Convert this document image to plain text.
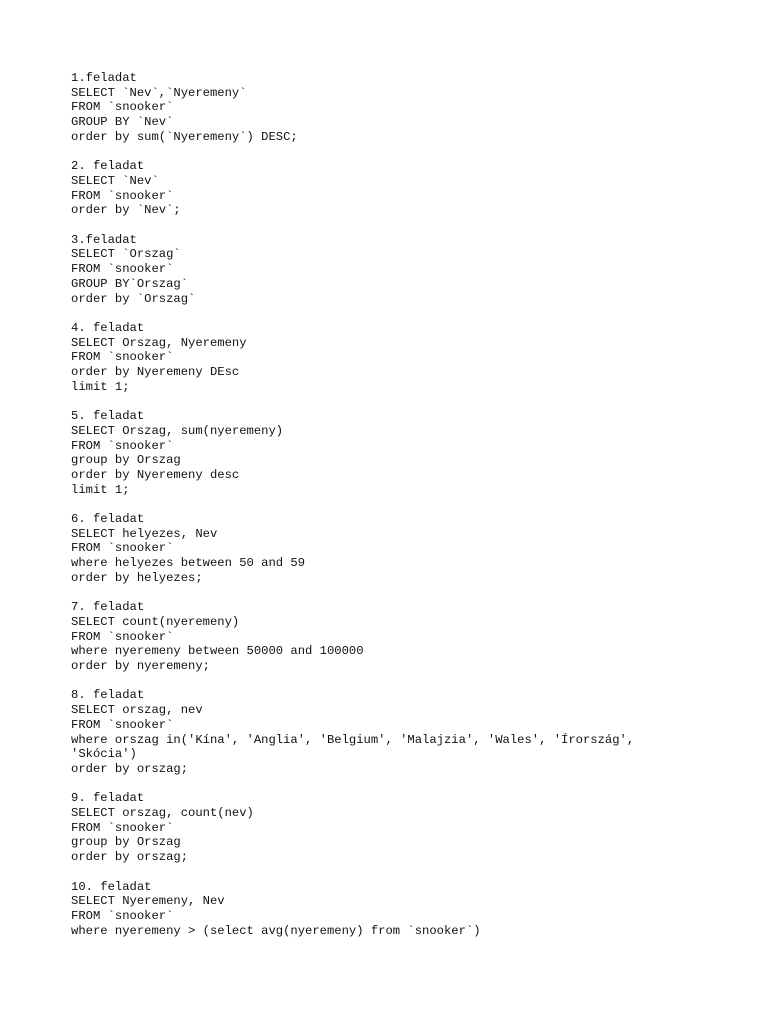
1.feladat
SELECT `Nev`,`Nyeremeny`
FROM `snooker`
GROUP BY `Nev`
order by sum(`Nyeremeny`) DESC;
2. feladat
SELECT `Nev`
FROM `snooker`
order by `Nev`;
3.feladat
SELECT `Orszag`
FROM `snooker`
GROUP BY`Orszag`
order by `Orszag`
4. feladat
SELECT Orszag, Nyeremeny
FROM `snooker`
order by Nyeremeny DEsc
limit 1;
5. feladat
SELECT Orszag, sum(nyeremeny)
FROM `snooker`
group by Orszag
order by Nyeremeny desc
limit 1;
6. feladat
SELECT helyezes, Nev
FROM `snooker`
where helyezes between 50 and 59
order by helyezes;
7. feladat
SELECT count(nyeremeny)
FROM `snooker`
where nyeremeny between 50000 and 100000
order by nyeremeny;
8. feladat
SELECT orszag, nev
FROM `snooker`
where orszag in('Kína', 'Anglia', 'Belgium', 'Malajzia', 'Wales', 'Írország',
'Skócia')
order by orszag;
9. feladat
SELECT orszag, count(nev)
FROM `snooker`
group by Orszag
order by orszag;
10. feladat
SELECT Nyeremeny, Nev
FROM `snooker`
where nyeremeny > (select avg(nyeremeny) from `snooker`)
